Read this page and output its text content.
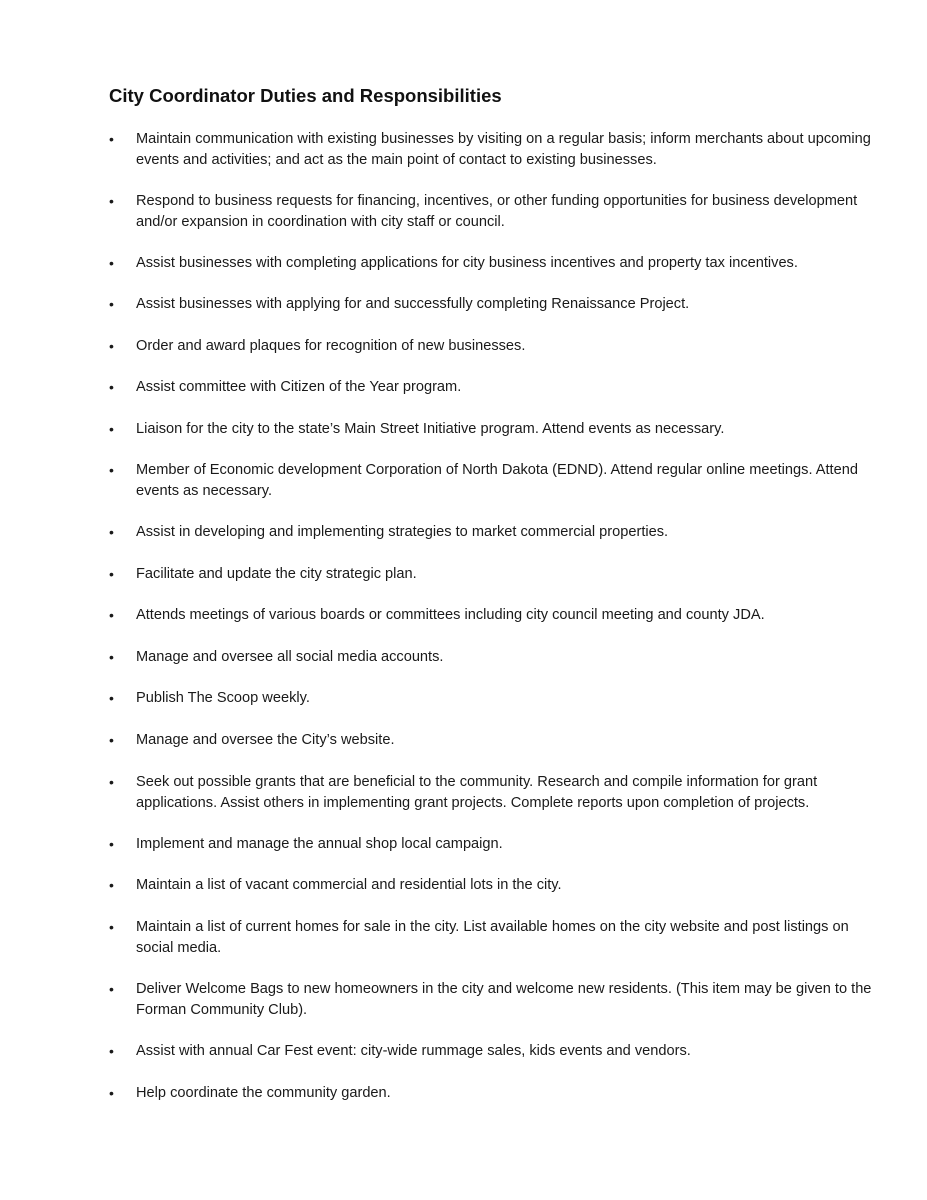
City Coordinator Duties and Responsibilities
•	Maintain communication with existing businesses by visiting on a regular basis; inform merchants about upcoming events and activities; and act as the main point of contact to existing businesses.
•	Respond to business requests for financing, incentives, or other funding opportunities for business development and/or expansion in coordination with city staff or council.
•	Assist businesses with completing applications for city business incentives and property tax incentives.
•	Assist businesses with applying for and successfully completing Renaissance Project.
•	Order and award plaques for recognition of new businesses.
•	Assist committee with Citizen of the Year program.
•	Liaison for the city to the state’s Main Street Initiative program. Attend events as necessary.
•	Member of Economic development Corporation of North Dakota (EDND). Attend regular online meetings. Attend events as necessary.
•	Assist in developing and implementing strategies to market commercial properties.
•	Facilitate and update the city strategic plan.
•	Attends meetings of various boards or committees including city council meeting and county JDA.
•	Manage and oversee all social media accounts.
•	Publish The Scoop weekly.
•	Manage and oversee the City’s website.
•	Seek out possible grants that are beneficial to the community. Research and compile information for grant applications. Assist others in implementing grant projects. Complete reports upon completion of projects.
•	Implement and manage the annual shop local campaign.
•	Maintain a list of vacant commercial and residential lots in the city.
•	Maintain a list of current homes for sale in the city. List available homes on the city website and post listings on social media.
•	Deliver Welcome Bags to new homeowners in the city and welcome new residents. (This item may be given to the Forman Community Club).
•	Assist with annual Car Fest event: city-wide rummage sales, kids events and vendors.
•	Help coordinate the community garden.
